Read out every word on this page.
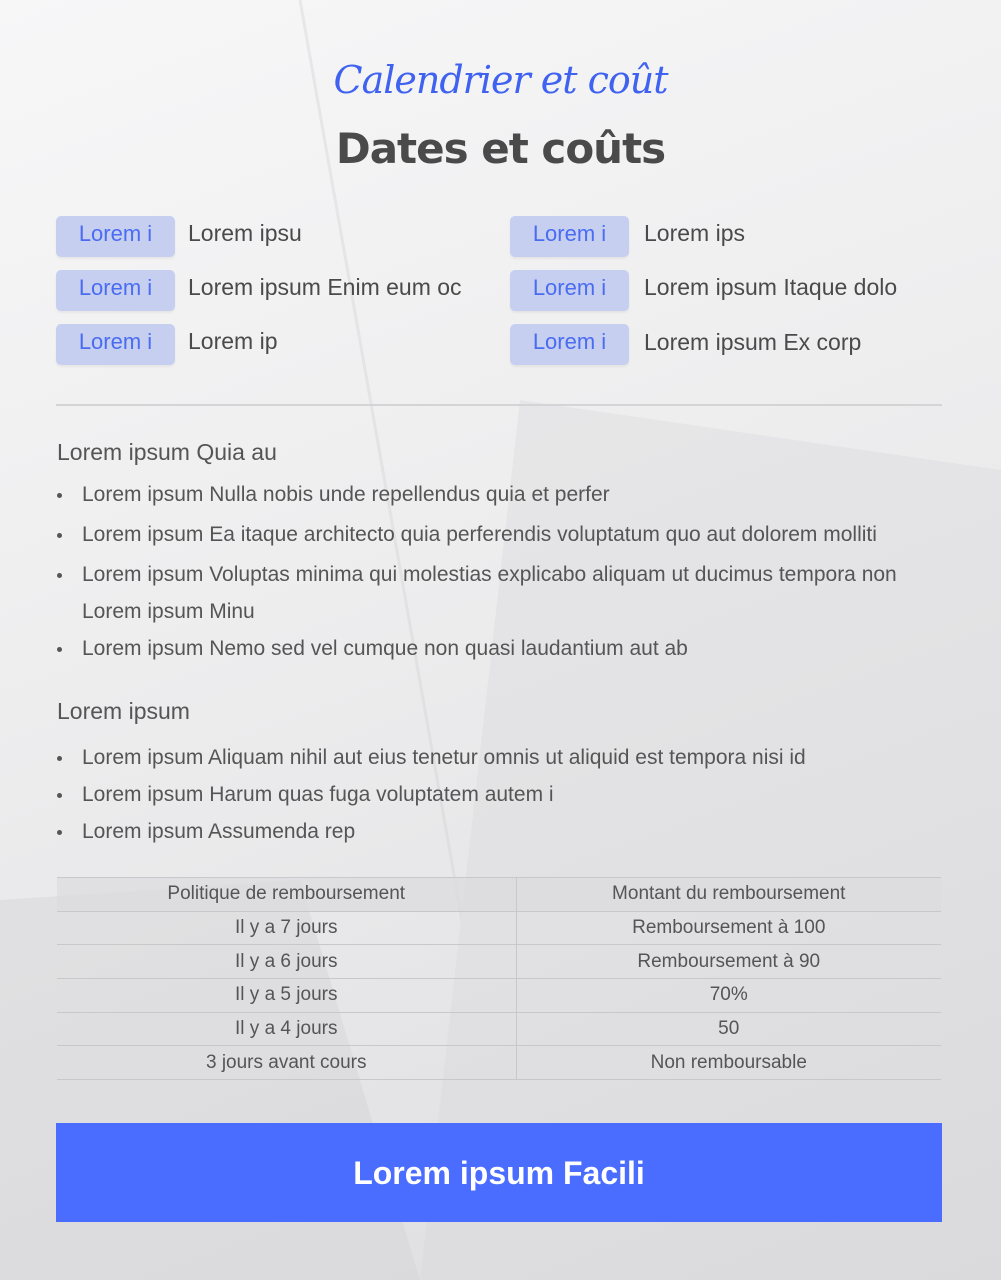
Calendrier et coût
Dates et coûts
Lorem i	Lorem ipsu
Lorem i	Lorem ipsum Enim eum oc
Lorem i	Lorem ip
Lorem i	Lorem ips
Lorem i	Lorem ipsum Itaque dolo
Lorem i	Lorem ipsum Ex corp
Lorem ipsum Quia au
Lorem ipsum Nulla nobis unde repellendus quia et perfer
Lorem ipsum Ea itaque architecto quia perferendis voluptatum quo aut dolorem molliti
Lorem ipsum Voluptas minima qui molestias explicabo aliquam ut ducimus tempora non Lorem ipsum Minu
Lorem ipsum Nemo sed vel cumque non quasi laudantium aut ab
Lorem ipsum
Lorem ipsum Aliquam nihil aut eius tenetur omnis ut aliquid est tempora nisi id
Lorem ipsum Harum quas fuga voluptatem autem i
Lorem ipsum Assumenda rep
Politique de remboursement	Montant du remboursement
Il y a 7 jours	Remboursement à 100
Il y a 6 jours	Remboursement à 90
Il y a 5 jours	70%
Il y a 4 jours	50
3 jours avant cours	Non remboursable
Lorem ipsum Facili
